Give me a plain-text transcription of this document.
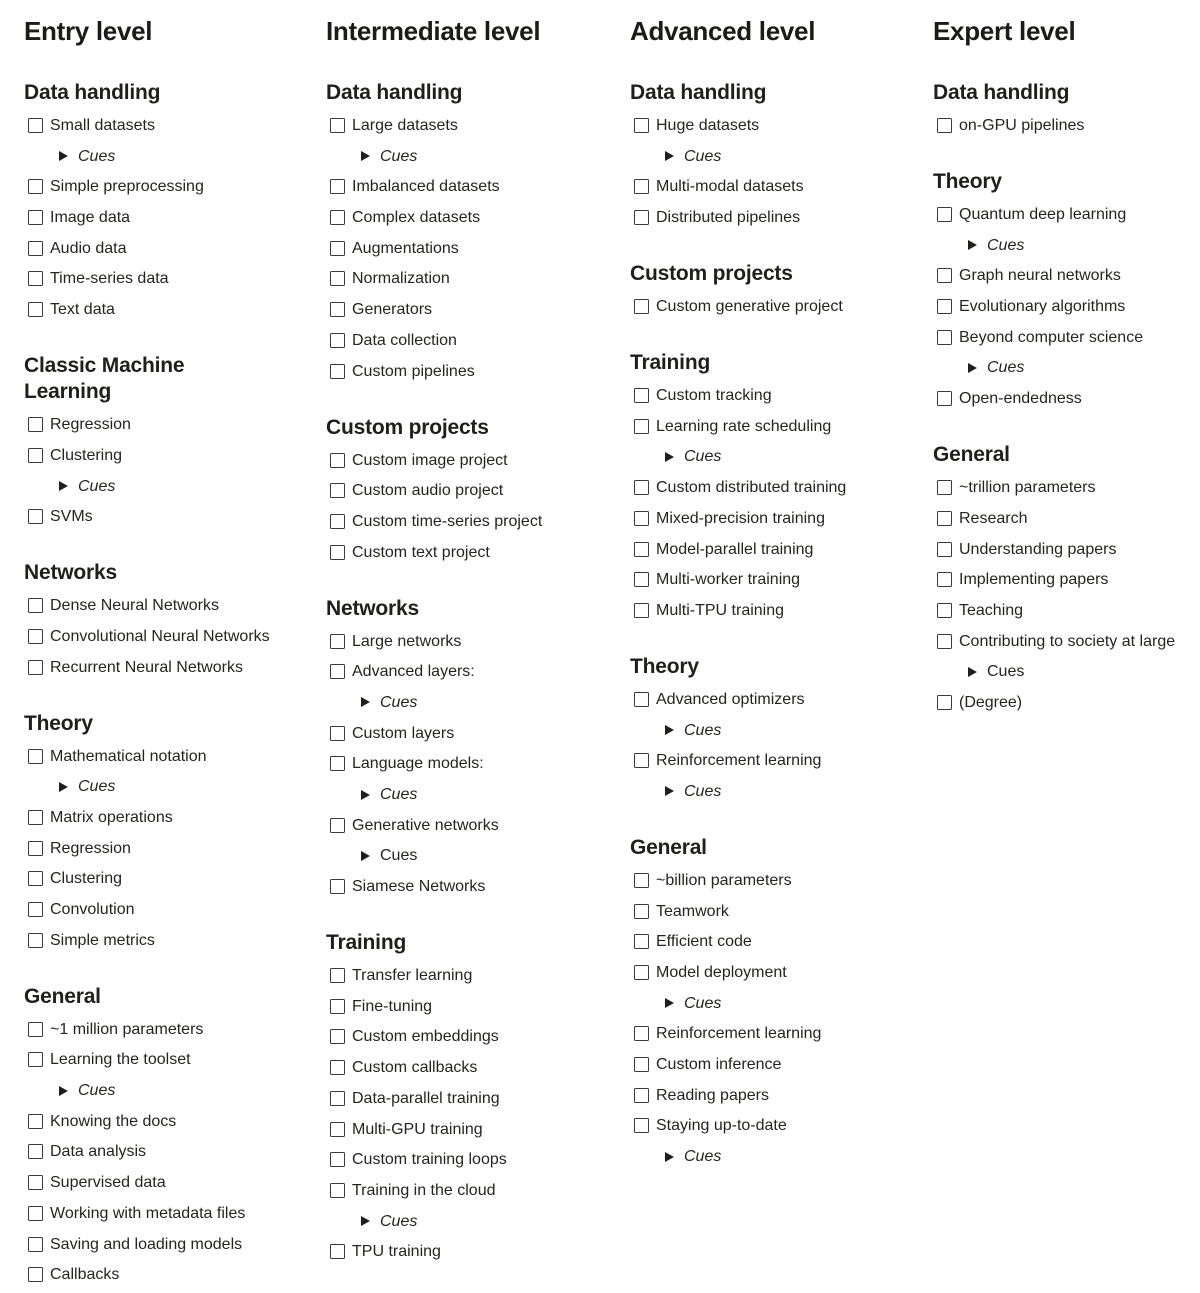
Entry level
Data handling
Small datasets
Cues
Simple preprocessing
Image data
Audio data
Time-series data
Text data
Classic Machine Learning
Regression
Clustering
Cues
SVMs
Networks
Dense Neural Networks
Convolutional Neural Networks
Recurrent Neural Networks
Theory
Mathematical notation
Cues
Matrix operations
Regression
Clustering
Convolution
Simple metrics
General
~1 million parameters
Learning the toolset
Cues
Knowing the docs
Data analysis
Supervised data
Working with metadata files
Saving and loading models
Callbacks
Intermediate level
Data handling
Large datasets
Cues
Imbalanced datasets
Complex datasets
Augmentations
Normalization
Generators
Data collection
Custom pipelines
Custom projects
Custom image project
Custom audio project
Custom time-series project
Custom text project
Networks
Large networks
Advanced layers:
Cues
Custom layers
Language models:
Cues
Generative networks
Cues
Siamese Networks
Training
Transfer learning
Fine-tuning
Custom embeddings
Custom callbacks
Data-parallel training
Multi-GPU training
Custom training loops
Training in the cloud
Cues
TPU training
Advanced level
Data handling
Huge datasets
Cues
Multi-modal datasets
Distributed pipelines
Custom projects
Custom generative project
Training
Custom tracking
Learning rate scheduling
Cues
Custom distributed training
Mixed-precision training
Model-parallel training
Multi-worker training
Multi-TPU training
Theory
Advanced optimizers
Cues
Reinforcement learning
Cues
General
~billion parameters
Teamwork
Efficient code
Model deployment
Cues
Reinforcement learning
Custom inference
Reading papers
Staying up-to-date
Cues
Expert level
Data handling
on-GPU pipelines
Theory
Quantum deep learning
Cues
Graph neural networks
Evolutionary algorithms
Beyond computer science
Cues
Open-endedness
General
~trillion parameters
Research
Understanding papers
Implementing papers
Teaching
Contributing to society at large
Cues
(Degree)
